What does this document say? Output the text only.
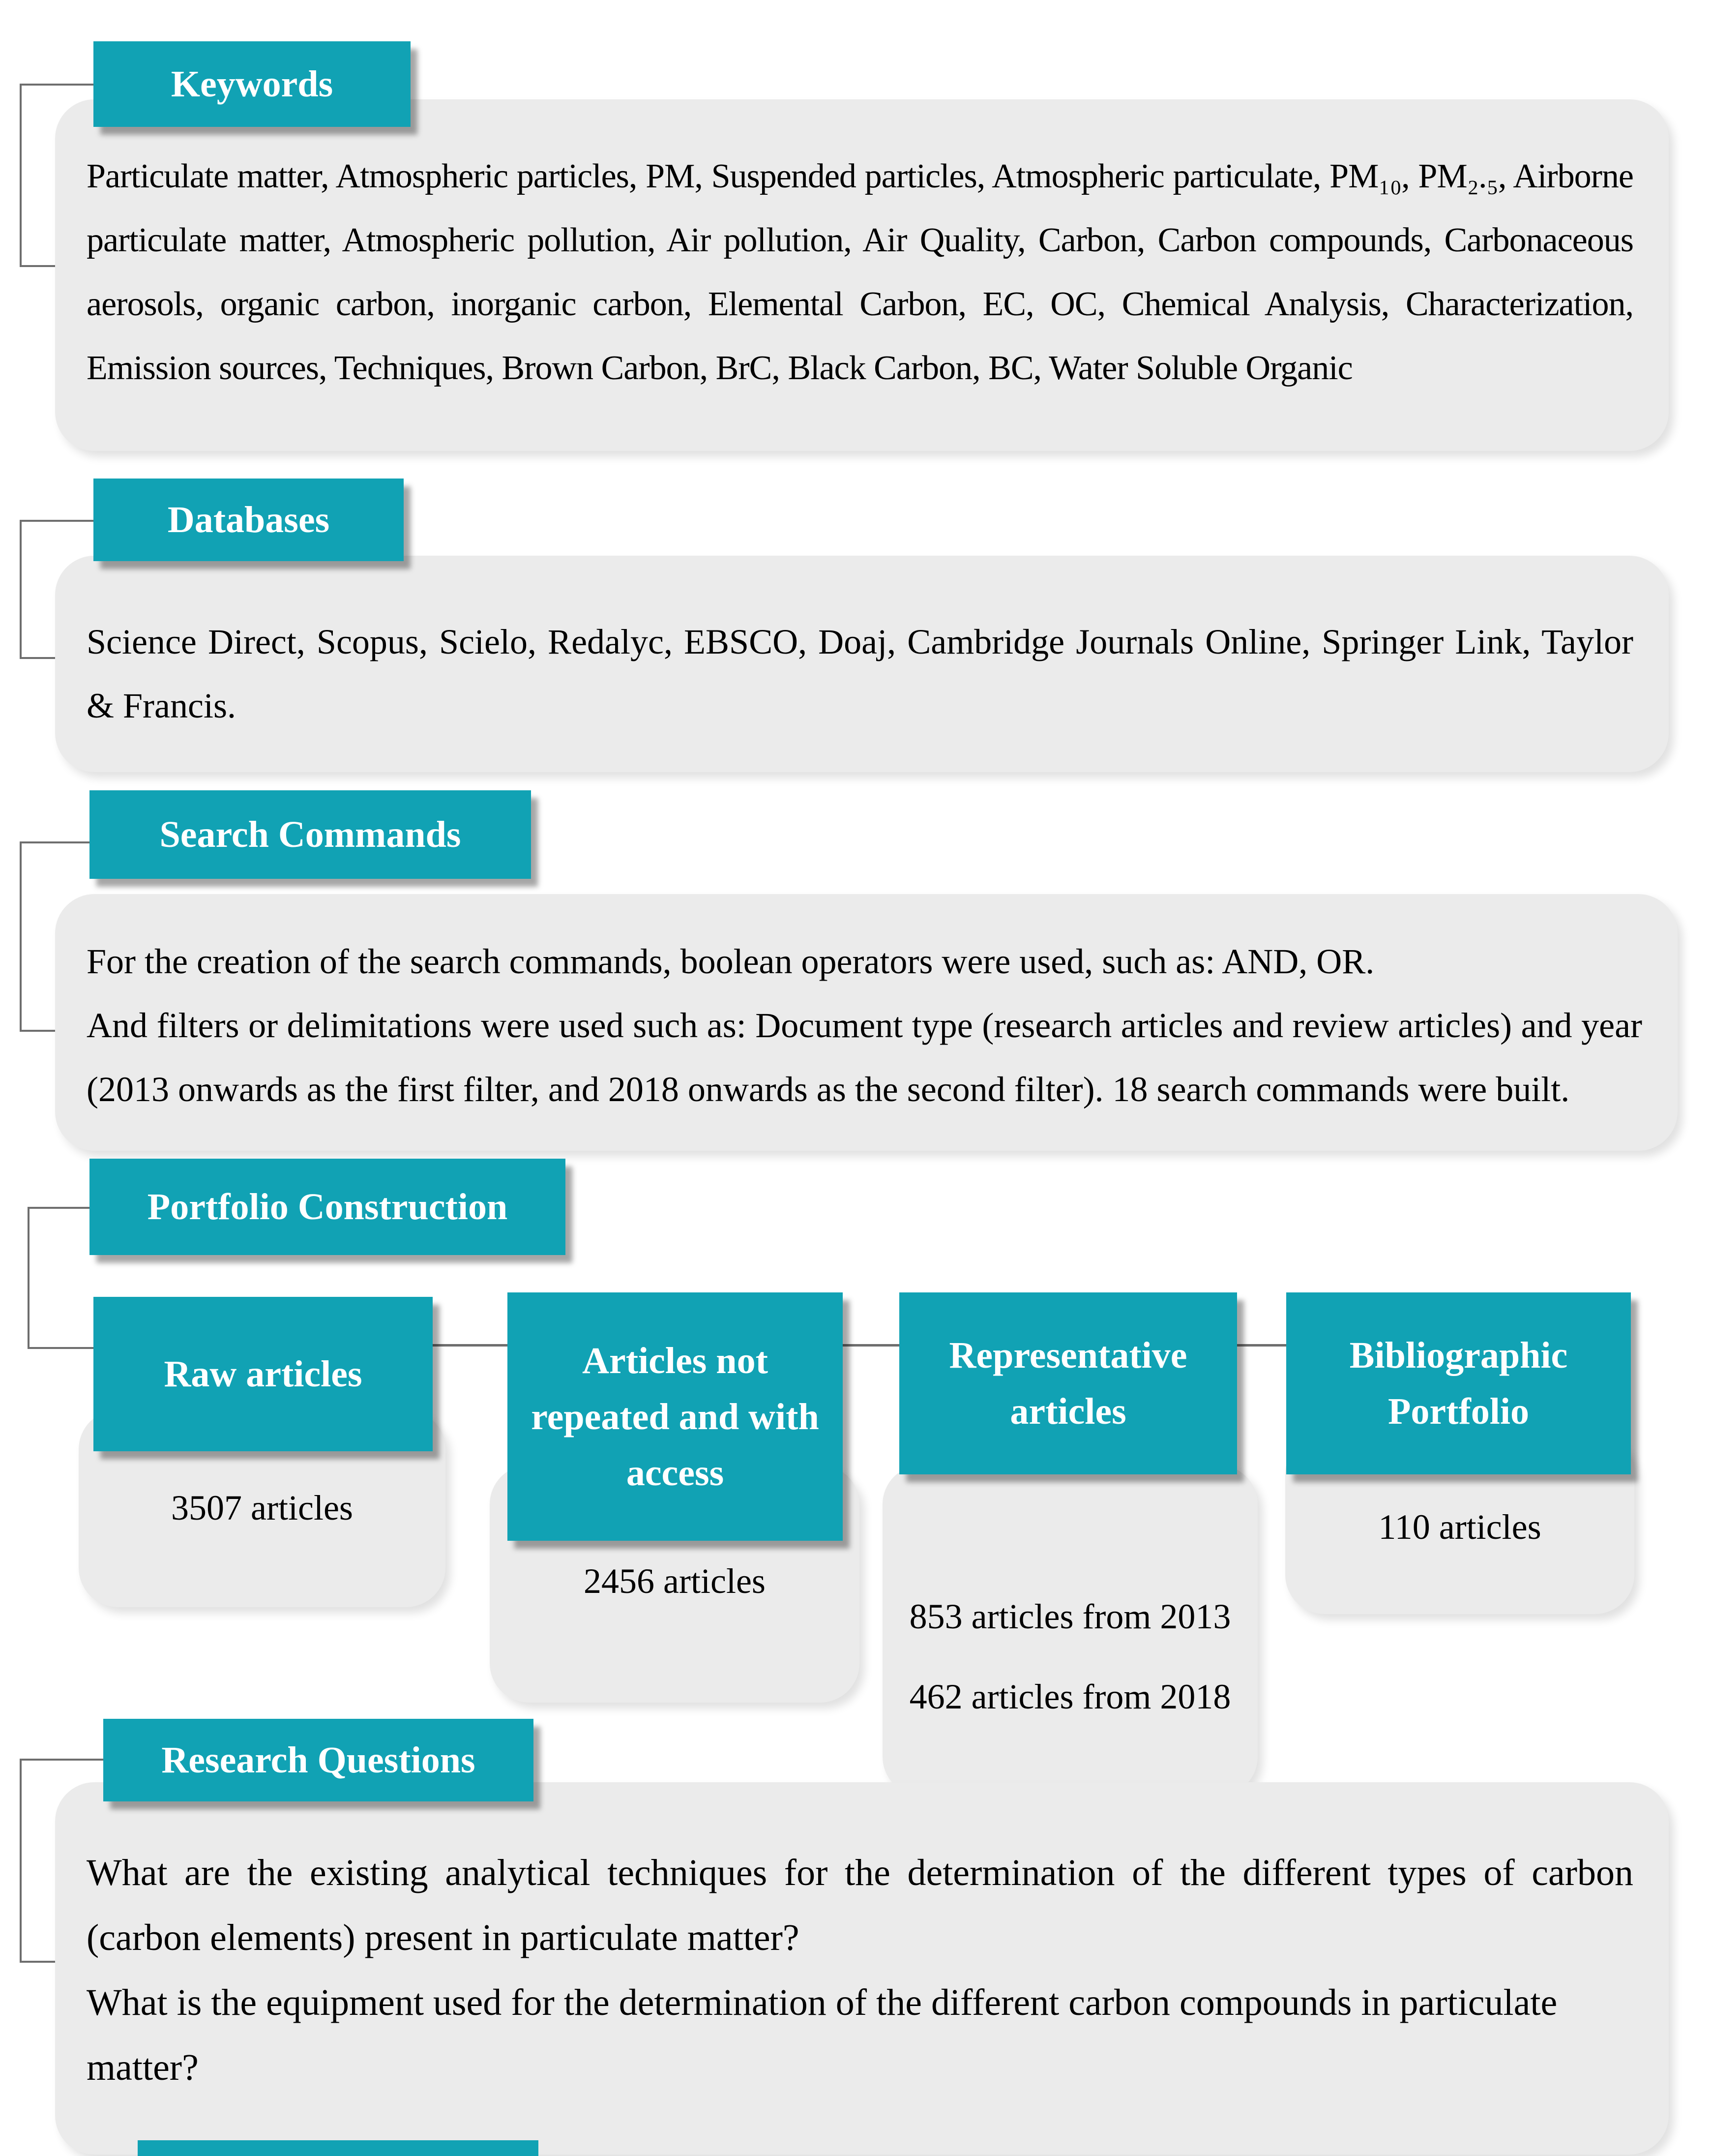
Keywords

Particulate matter, Atmospheric particles, PM, Suspended particles, Atmospheric particulate, PM₁₀, PM₂.₅, Airborne particulate matter, Atmospheric pollution, Air pollution, Air Quality, Carbon, Carbon compounds, Carbonaceous aerosols, organic carbon, inorganic carbon, Elemental Carbon, EC, OC, Chemical Analysis, Characterization, Emission sources, Techniques, Brown Carbon, BrC, Black Carbon, BC, Water Soluble Organic

Databases

Science Direct, Scopus, Scielo, Redalyc, EBSCO, Doaj, Cambridge Journals Online, Springer Link, Taylor & Francis.

Search Commands

For the creation of the search commands, boolean operators were used, such as: AND, OR.

And filters or delimitations were used such as: Document type (research articles and review articles) and year (2013 onwards as the first filter, and 2018 onwards as the second filter). 18 search commands were built.

Portfolio Construction

3507 articles

Raw articles

2456 articles

Articles not repeated and with access

853 articles from 2013

462 articles from 2018

Representative articles

110 articles

Bibliographic Portfolio
Research Questions

What are the existing analytical techniques for the determination of the different types of carbon (carbon elements) present in particulate matter?

What is the equipment used for the determination of the different carbon compounds in particulate matter?
